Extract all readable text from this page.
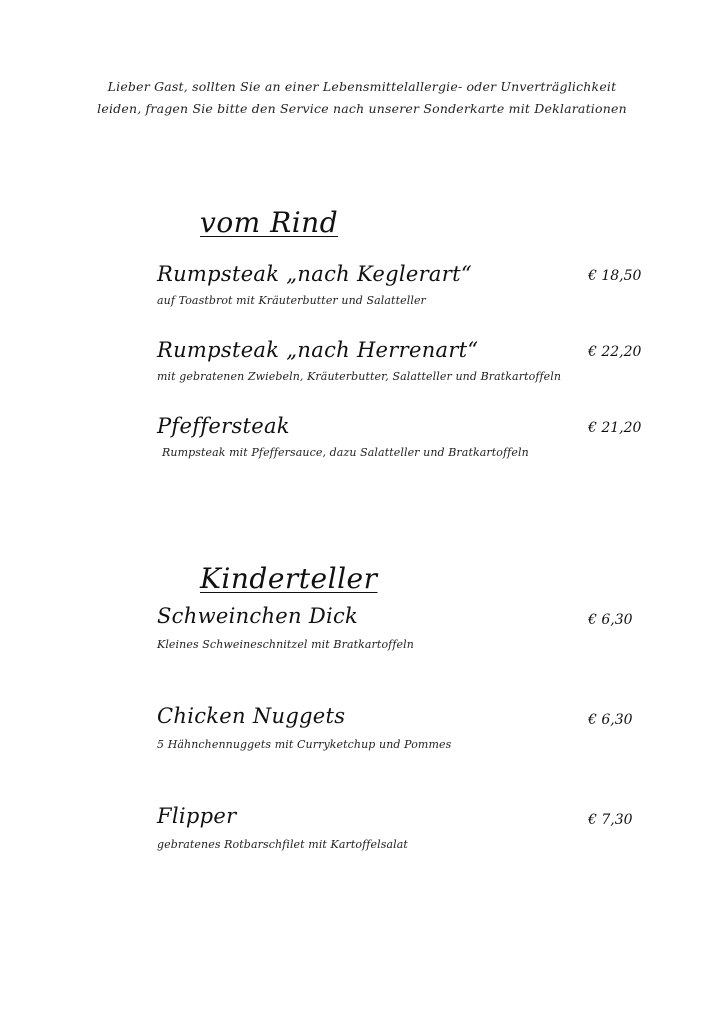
Lieber Gast, sollten Sie an einer Lebensmittelallergie- oder Unverträglichkeit
leiden, fragen Sie bitte den Service nach unserer Sonderkarte mit Deklarationen
vom Rind
Rumpsteak „nach Keglerart“	€ 18,50
auf Toastbrot mit Kräuterbutter und Salatteller
Rumpsteak „nach Herrenart“	€ 22,20
mit gebratenen Zwiebeln, Kräuterbutter, Salatteller und Bratkartoffeln
Pfeffersteak	€ 21,20
Rumpsteak mit Pfeffersauce, dazu Salatteller und Bratkartoffeln
Kinderteller
Schweinchen Dick	€ 6,30
Kleines Schweineschnitzel mit Bratkartoffeln
Chicken Nuggets	€ 6,30
5 Hähnchennuggets mit Curryketchup und Pommes
Flipper	€ 7,30
gebratenes Rotbarschfilet mit Kartoffelsalat
